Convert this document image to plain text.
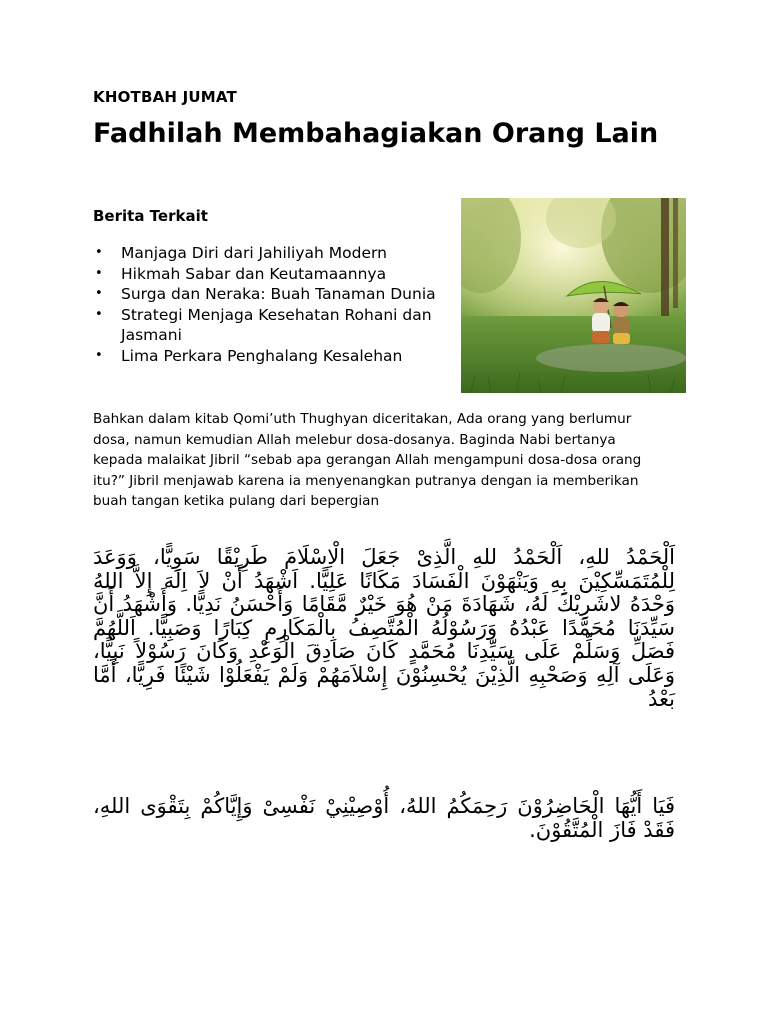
KHOTBAH JUMAT

Fadhilah Membahagiakan Orang Lain
Berita Terkait
• Manjaga Diri dari Jahiliyah Modern
• Hikmah Sabar dan Keutamaannya
• Surga dan Neraka: Buah Tanaman Dunia
• Strategi Menjaga Kesehatan Rohani dan Jasmani
• Lima Perkara Penghalang Kesalehan

Bahkan dalam kitab Qomi’uth Thughyan diceritakan, Ada orang yang berlumur dosa, namun kemudian Allah melebur dosa-dosanya. Baginda Nabi bertanya kepada malaikat Jibril “sebab apa gerangan Allah mengampuni dosa-dosa orang itu?” Jibril menjawab karena ia menyenangkan putranya dengan ia memberikan buah tangan ketika pulang dari bepergian

اَلْحَمْدُ للهِ، اَلْحَمْدُ للهِ الَّذِىْ جَعَلَ الْاِسْلَامَ طَرِيْقًا سَوِيًّا، وَوَعَدَ لِلْمُتَمَسِّكِيْنَ بِهِ وَيَنْهَوْنَ الْفَسَادَ مَكَانًا عَلِيًّا. اَشْهَدُ أَنْ لاَ اِلَهَ إِلاَّ اللهُ وَحْدَهُ لاشَرِيْكَ لَهُ، شَهَادَةَ مَنْ هُوَ خَيْرٌ مَّقَامًا وَأَحْسَنُ نَدِيًّا. وَأَشْهَدُ أَنَّ سَيِّدَنَا مُحَمَّدًا عَبْدُهُ وَرَسُوْلُهُ الْمُتَّصِفُ بِالْمَكَارِمِ كِبَارًا وَصَبِيًّا. اَللَّهُمَّ فَصَلِّ وَسَلِّمْ عَلَى سَيِّدِنَا مُحَمَّدٍ كَانَ صَادِقَ الْوَعْدِ وَكَانَ رَسُوْلاً نَبِيًّا، وَعَلَى آلِهِ وَصَحْبِهِ الَّذِيْنَ يُحْسِنُوْنَ إِسْلاَمَهُمْ وَلَمْ يَفْعَلُوْا شَيْئًا فَرِيًّا، أَمَّا بَعْدُ

فَيَا أَيُّهَا الْحَاضِرُوْنَ رَحِمَكُمُ اللهُ، أُوْصِيْنِيْ نَفْسِىْ وَإِيَّاكُمْ بِتَقْوَى اللهِ، فَقَدْ فَازَ الْمُتَّقُوْنَ.
